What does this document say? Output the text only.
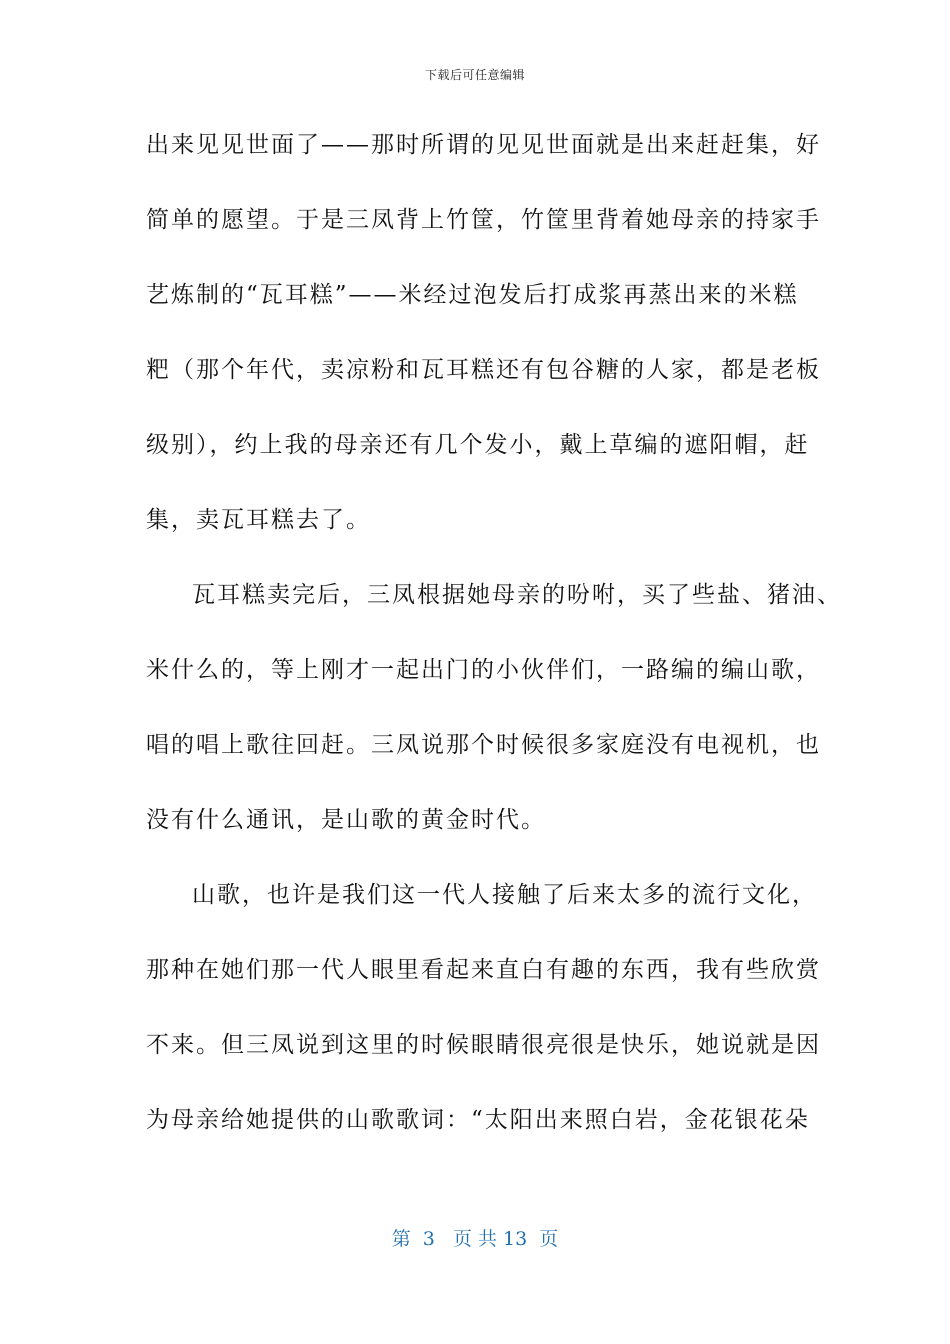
下载后可任意编辑
出来见见世面了——那时所谓的见见世面就是出来赶赶集，好
简单的愿望。于是三凤背上竹筐，竹筐里背着她母亲的持家手
艺炼制的“瓦耳糕”——米经过泡发后打成浆再蒸出来的米糕
粑（那个年代，卖凉粉和瓦耳糕还有包谷糖的人家，都是老板
级别），约上我的母亲还有几个发小，戴上草编的遮阳帽，赶
集，卖瓦耳糕去了。
瓦耳糕卖完后，三凤根据她母亲的吩咐，买了些盐、猪油、
米什么的，等上刚才一起出门的小伙伴们，一路编的编山歌，
唱的唱上歌往回赶。三凤说那个时候很多家庭没有电视机，也
没有什么通讯，是山歌的黄金时代。
山歌，也许是我们这一代人接触了后来太多的流行文化，
那种在她们那一代人眼里看起来直白有趣的东西，我有些欣赏
不来。但三凤说到这里的时候眼睛很亮很是快乐，她说就是因
为母亲给她提供的山歌歌词：“太阳出来照白岩，金花银花朵
第  3   页 共 13  页
